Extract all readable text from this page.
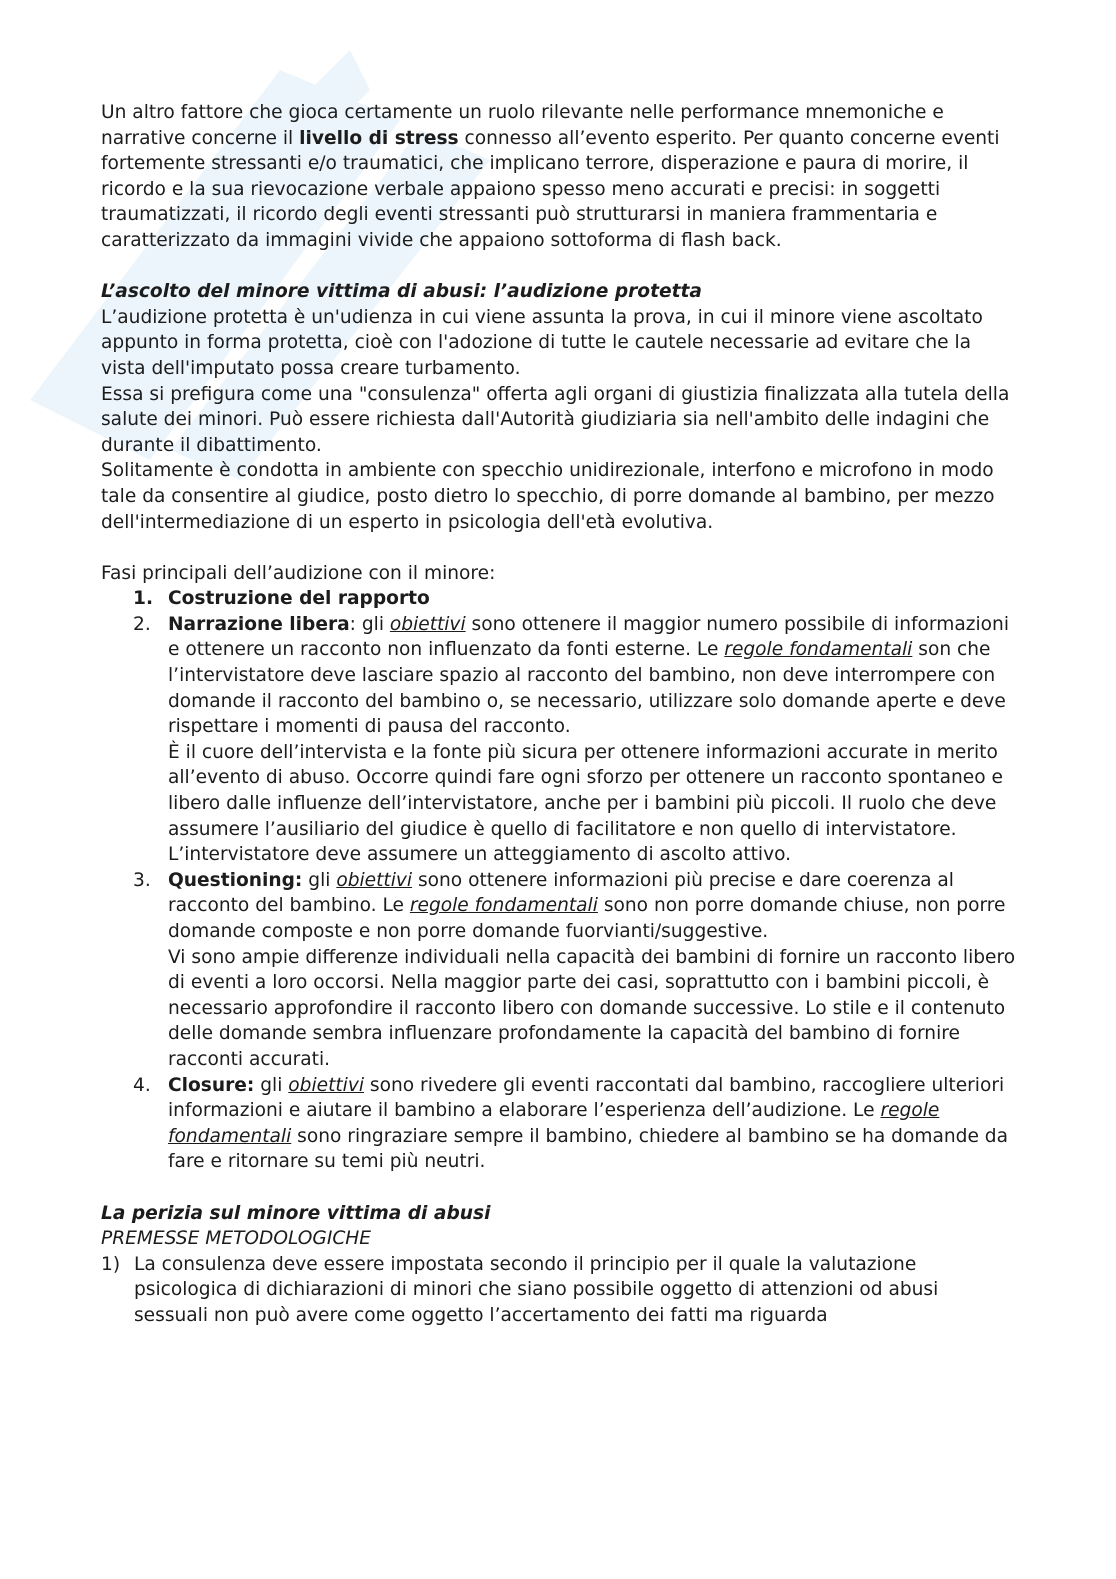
Un altro fattore che gioca certamente un ruolo rilevante nelle performance mnemoniche e narrative concerne il livello di stress connesso all’evento esperito. Per quanto concerne eventi fortemente stressanti e/o traumatici, che implicano terrore, disperazione e paura di morire, il ricordo e la sua rievocazione verbale appaiono spesso meno accurati e precisi: in soggetti traumatizzati, il ricordo degli eventi stressanti può strutturarsi in maniera frammentaria e caratterizzato da immagini vivide che appaiono sottoforma di flash back.

L’ascolto del minore vittima di abusi: l’audizione protetta

L’audizione protetta è un'udienza in cui viene assunta la prova, in cui il minore viene ascoltato appunto in forma protetta, cioè con l'adozione di tutte le cautele necessarie ad evitare che la vista dell'imputato possa creare turbamento.

Essa si prefigura come una "consulenza" offerta agli organi di giustizia finalizzata alla tutela della salute dei minori. Può essere richiesta dall'Autorità giudiziaria sia nell'ambito delle indagini che durante il dibattimento.

Solitamente è condotta in ambiente con specchio unidirezionale, interfono e microfono in modo tale da consentire al giudice, posto dietro lo specchio, di porre domande al bambino, per mezzo dell'intermediazione di un esperto in psicologia dell'età evolutiva.

Fasi principali dell’audizione con il minore:

1. Costruzione del rapporto
2. Narrazione libera: gli obiettivi sono ottenere il maggior numero possibile di informazioni e ottenere un racconto non influenzato da fonti esterne. Le regole fondamentali son che l’intervistatore deve lasciare spazio al racconto del bambino, non deve interrompere con domande il racconto del bambino o, se necessario, utilizzare solo domande aperte e deve rispettare i momenti di pausa del racconto.

È il cuore dell’intervista e la fonte più sicura per ottenere informazioni accurate in merito all’evento di abuso. Occorre quindi fare ogni sforzo per ottenere un racconto spontaneo e libero dalle influenze dell’intervistatore, anche per i bambini più piccoli. Il ruolo che deve assumere l’ausiliario del giudice è quello di facilitatore e non quello di intervistatore. L’intervistatore deve assumere un atteggiamento di ascolto attivo.

3. Questioning: gli obiettivi sono ottenere informazioni più precise e dare coerenza al racconto del bambino. Le regole fondamentali sono non porre domande chiuse, non porre domande composte e non porre domande fuorvianti/suggestive.

Vi sono ampie differenze individuali nella capacità dei bambini di fornire un racconto libero di eventi a loro occorsi. Nella maggior parte dei casi, soprattutto con i bambini piccoli, è necessario approfondire il racconto libero con domande successive. Lo stile e il contenuto delle domande sembra influenzare profondamente la capacità del bambino di fornire racconti accurati.

4. Closure: gli obiettivi sono rivedere gli eventi raccontati dal bambino, raccogliere ulteriori informazioni e aiutare il bambino a elaborare l’esperienza dell’audizione. Le regole fondamentali sono ringraziare sempre il bambino, chiedere al bambino se ha domande da fare e ritornare su temi più neutri.

La perizia sul minore vittima di abusi

PREMESSE METODOLOGICHE

1) La consulenza deve essere impostata secondo il principio per il quale la valutazione psicologica di dichiarazioni di minori che siano possibile oggetto di attenzioni od abusi sessuali non può avere come oggetto l’accertamento dei fatti ma riguarda
